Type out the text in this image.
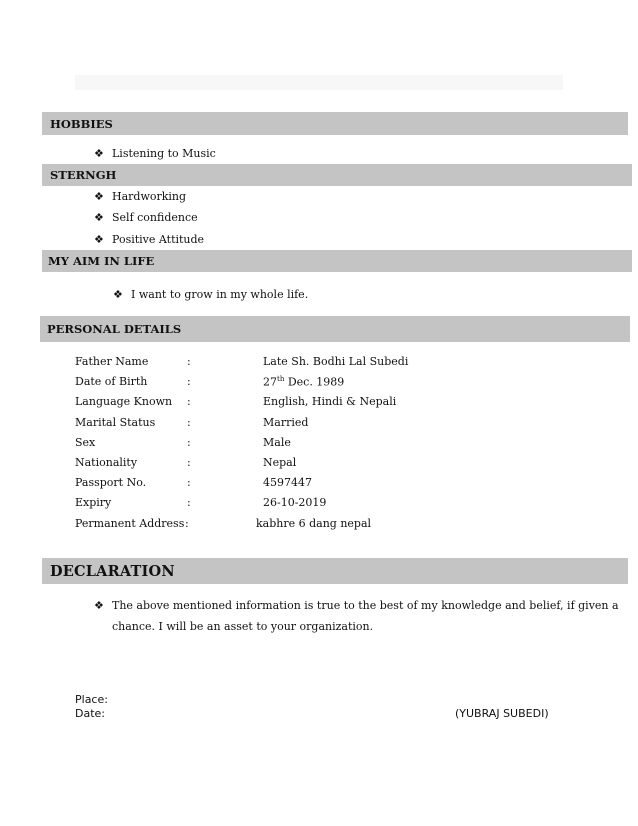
HOBBIES
❖ Listening to Music
STERNGH
❖ Hardworking
❖ Self confidence
❖ Positive Attitude
MY AIM IN LIFE
❖ I want to grow in my whole life.
PERSONAL DETAILS
Father Name	:	Late Sh. Bodhi Lal Subedi
Date of Birth	:	27th Dec. 1989
Language Known	:	English, Hindi & Nepali
Marital Status	:	Married
Sex	:	Male
Nationality	:	Nepal
Passport No.	:	4597447
Expiry	:	26-10-2019
Permanent Address :	kabhre 6 dang nepal
DECLARATION
❖ The above mentioned information is true to the best of my knowledge and belief, if given a
chance. I will be an asset to your organization.
Place:
Date:	(YUBRAJ SUBEDI)
